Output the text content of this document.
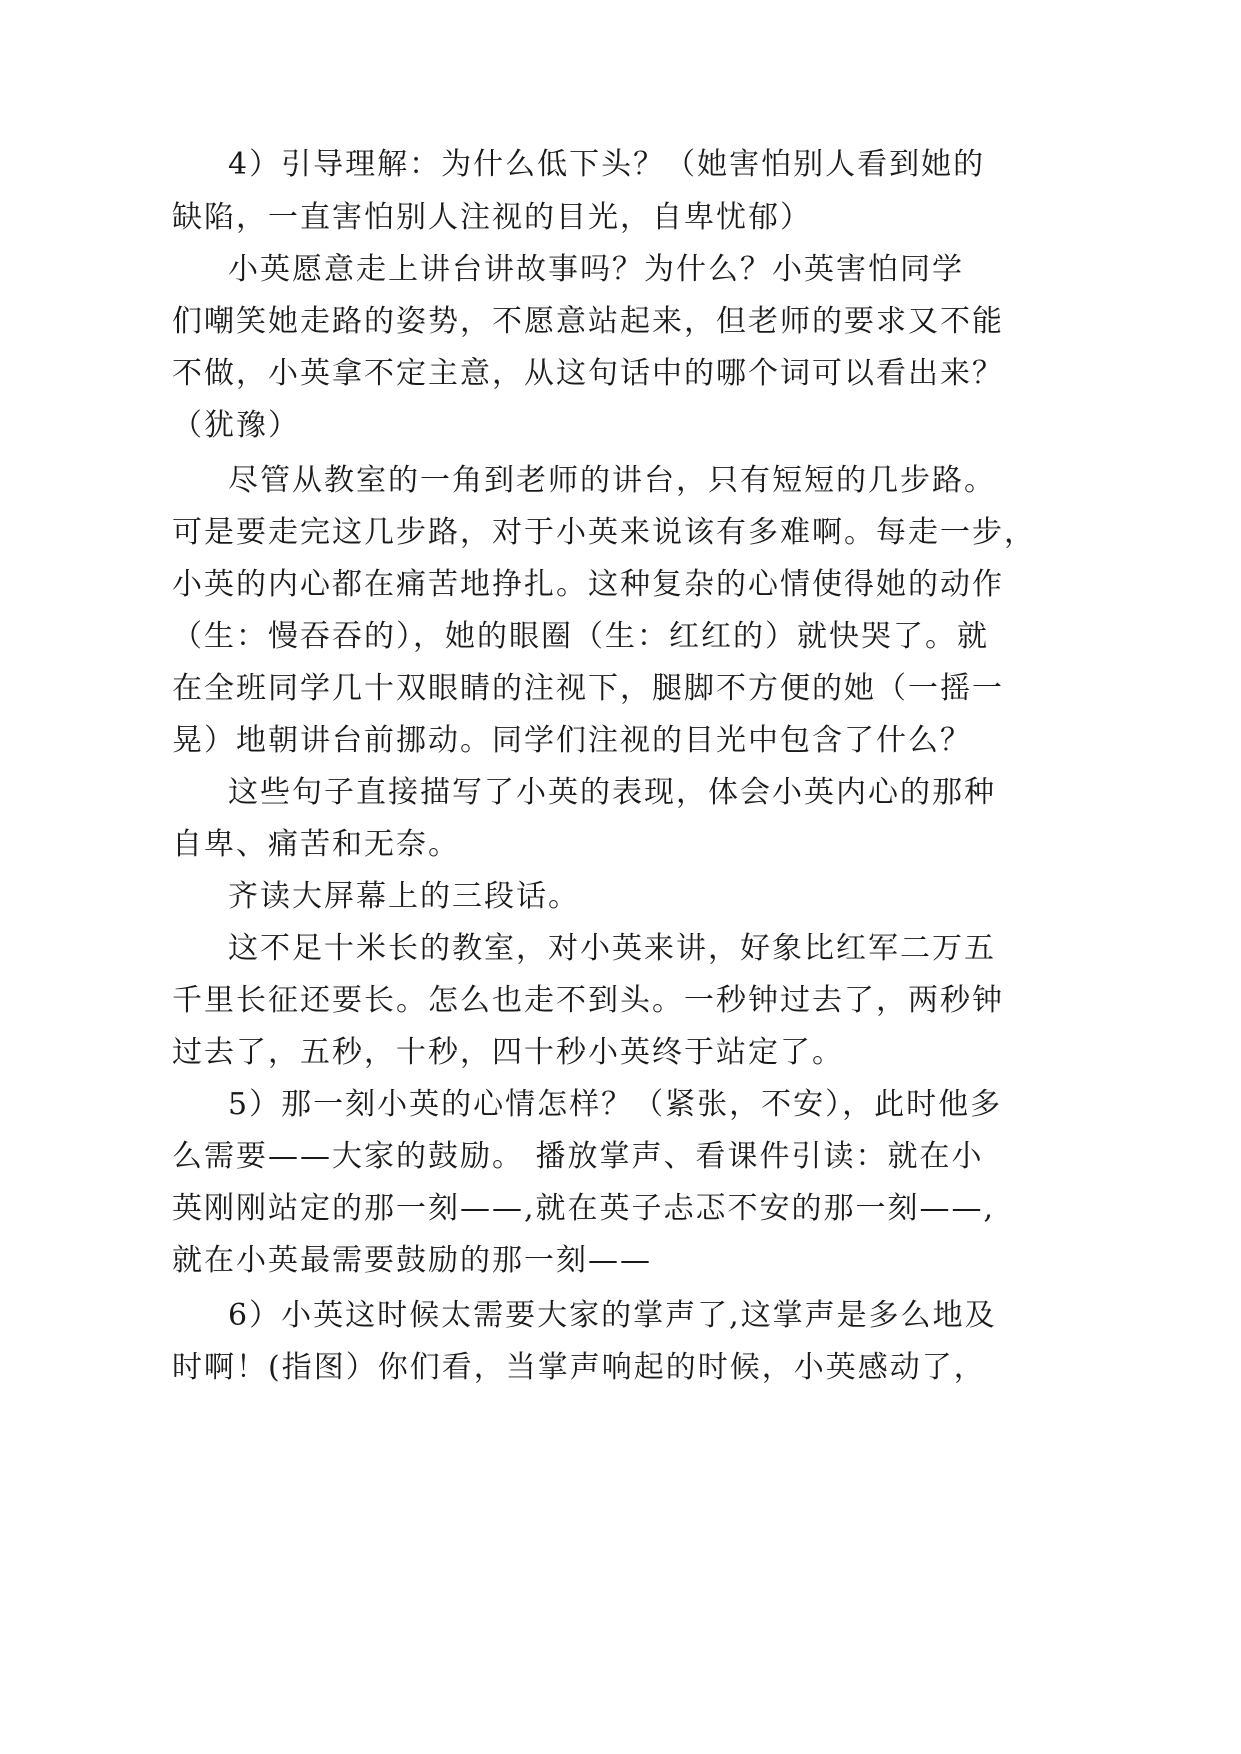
4）引导理解：为什么低下头？（她害怕别人看到她的
缺陷，一直害怕别人注视的目光，自卑忧郁）
小英愿意走上讲台讲故事吗？为什么？小英害怕同学
们嘲笑她走路的姿势，不愿意站起来，但老师的要求又不能
不做，小英拿不定主意，从这句话中的哪个词可以看出来？
（犹豫）
尽管从教室的一角到老师的讲台，只有短短的几步路。
可是要走完这几步路，对于小英来说该有多难啊。每走一步，
小英的内心都在痛苦地挣扎。这种复杂的心情使得她的动作
（生：慢吞吞的），她的眼圈（生：红红的）就快哭了。就
在全班同学几十双眼睛的注视下，腿脚不方便的她（一摇一
晃）地朝讲台前挪动。同学们注视的目光中包含了什么？
这些句子直接描写了小英的表现，体会小英内心的那种
自卑、痛苦和无奈。
齐读大屏幕上的三段话。
这不足十米长的教室，对小英来讲，好象比红军二万五
千里长征还要长。怎么也走不到头。一秒钟过去了，两秒钟
过去了，五秒，十秒，四十秒小英终于站定了。
5）那一刻小英的心情怎样？（紧张，不安），此时他多
么需要——大家的鼓励。 播放掌声、看课件引读：就在小
英刚刚站定的那一刻——,就在英子忐忑不安的那一刻——,
就在小英最需要鼓励的那一刻——
6）小英这时候太需要大家的掌声了,这掌声是多么地及
时啊！(指图）你们看，当掌声响起的时候，小英感动了，
